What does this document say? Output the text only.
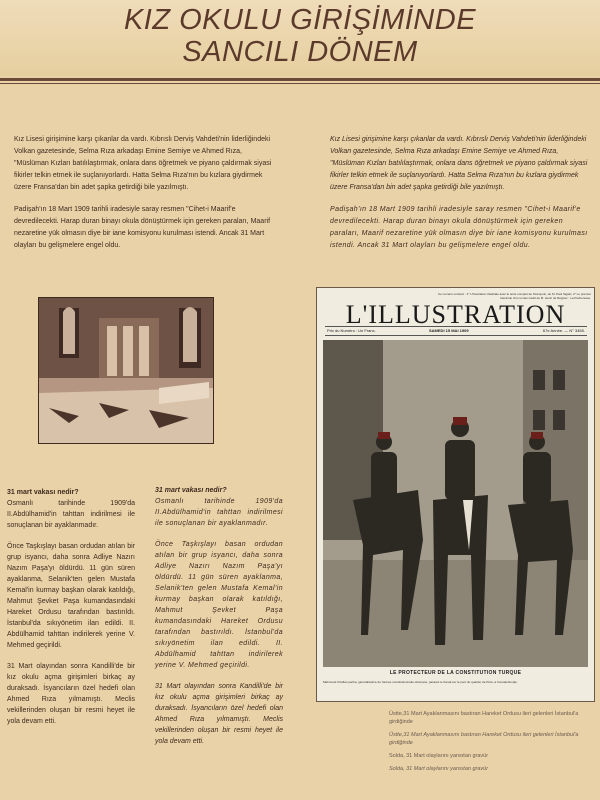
KIZ OKULU GİRİŞİMİNDE
SANCILI DÖNEM

Kız Lisesi girişimine karşı çıkanlar da vardı. Kıbrıslı Derviş Vahdeti'nin liderliğindeki Volkan gazetesinde, Selma Rıza arkadaşı Emine Semiye ve Ahmed Rıza, "Müslüman Kızları batılılaştırmak, onlara dans öğretmek ve piyano çaldırmak siyasi fikirler telkin etmek ile suçlanıyorlardı. Hatta Selma Rıza'nın bu kızlara giydirmek üzere Fransa'dan bin adet şapka getirdiği bile yazılmıştı.

Padişah'ın 18 Mart 1909 tarihli iradesiyle saray resmen "Cihet-i Maarif'e devredilecekti. Harap duran binayı okula dönüştürmek için gereken paraları, Maarif nezaretine yük olmasın diye bir iane komisyonu kurulması istendi. Ancak 31 Mart olayları bu gelişmelere engel oldu.

Kız Lisesi girişimine karşı çıkanlar da vardı. Kıbrıslı Derviş Vahdeti'nin liderliğindeki Volkan gazetesinde, Selma Rıza arkadaşı Emine Semiye ve Ahmed Rıza, "Müslüman Kızları batılılaştırmak, onlara dans öğretmek ve piyano çaldırmak siyasi fikirler telkin etmek ile suçlanıyorlardı. Hatta Selma Rıza'nın bu kızlara giydirmek üzere Fransa'dan bin adet şapka getirdiği bile yazılmıştı.

Padişah'ın 18 Mart 1909 tarihli iradesiyle saray resmen "Cihet-i Maarif'e devredilecekti. Harap duran binayı okula dönüştürmek için gereken paraları, Maarif nezaretine yük olmasın diye bir iane komisyonu kurulması istendi. Ancak 31 Mart olayları bu gelişmelere engel oldu.

31 mart vakası nedir?

Osmanlı tarihinde 1909'da II.Abdülhamid'in tahttan indirilmesi ile sonuçlanan bir ayaklanmadır.

Önce Taşkışlayı basan ordudan atılan bir grup isyancı, daha sonra Adliye Nazırı Nazım Paşa'yı öldürdü. 11 gün süren ayaklanma, Selanik'ten gelen Mustafa Kemal'in kurmay başkan olarak katıldığı, Mahmut Şevket Paşa kumandasındaki Hareket Ordusu tarafından bastırıldı. İstanbul'da sıkıyönetim ilan edildi. II. Abdülhamid tahttan indirilerek yerine V. Mehmed geçirildi.

31 Mart olayından sonra Kandilli'de bir kız okulu açma girişimleri birkaç ay duraksadı. İsyancıların özel hedefi olan Ahmed Rıza yılmamıştı. Meclis vekillerinden oluşan bir resmi heyet ile yola devam etti.

31 mart vakası nedir?

Osmanlı tarihinde 1909'da II.Abdülhamid'in tahttan indirilmesi ile sonuçlanan bir ayaklanmadır.

Önce Taşkışlayı basan ordudan atılan bir grup isyancı, daha sonra Adliye Nazırı Nazım Paşa'yı öldürdü. 11 gün süren ayaklanma, Selanik'ten gelen Mustafa Kemal'in kurmay başkan olarak katıldığı, Mahmut Şevket Paşa kumandasındaki Hareket Ordusu tarafından bastırıldı. İstanbul'da sıkıyönetim ilan edildi. II. Abdülhamid tahttan indirilerek yerine V. Mehmed geçirildi.

31 Mart olayından sonra Kandilli'de bir kız okulu açma girişimleri birkaç ay duraksadı. İsyancıların özel hedefi olan Ahmed Rıza yılmamıştı. Meclis vekillerinden oluşan bir resmi heyet ile yola devam etti.

Ce numéro contient : 1° L'Illustration théâtrale avec le texte complet de Scampolo, de M. Paul Sigalo; 2° Le premier fascicule d'un roman inédit de M. Henri de Régnier : La Pécheresse.
L'ILLUSTRATION
Prix du Numéro : Un Franc.	SAMEDI 15 MAI 1909	67e Année. — N° 3455.
LE PROTECTEUR DE LA CONSTITUTION TURQUE
Mahmoud Chefket pacha, généralissime de l'armée constitutionnelle ottomane, passant à cheval sur le pont du quartier de Péra, à Constantinople.

Üstte,31 Mart Ayaklanmasını bastıran Hareket Ordusu ileri gelenleri İstanbul'a girdiğinde

Üstte,31 Mart Ayaklanmasını bastıran Hareket Ordusu ileri gelenleri İstanbul'a girdiğinde

Solda, 31 Mart olaylarını yansıtan gravür

Solda, 31 Mart olaylarını yansıtan gravür
